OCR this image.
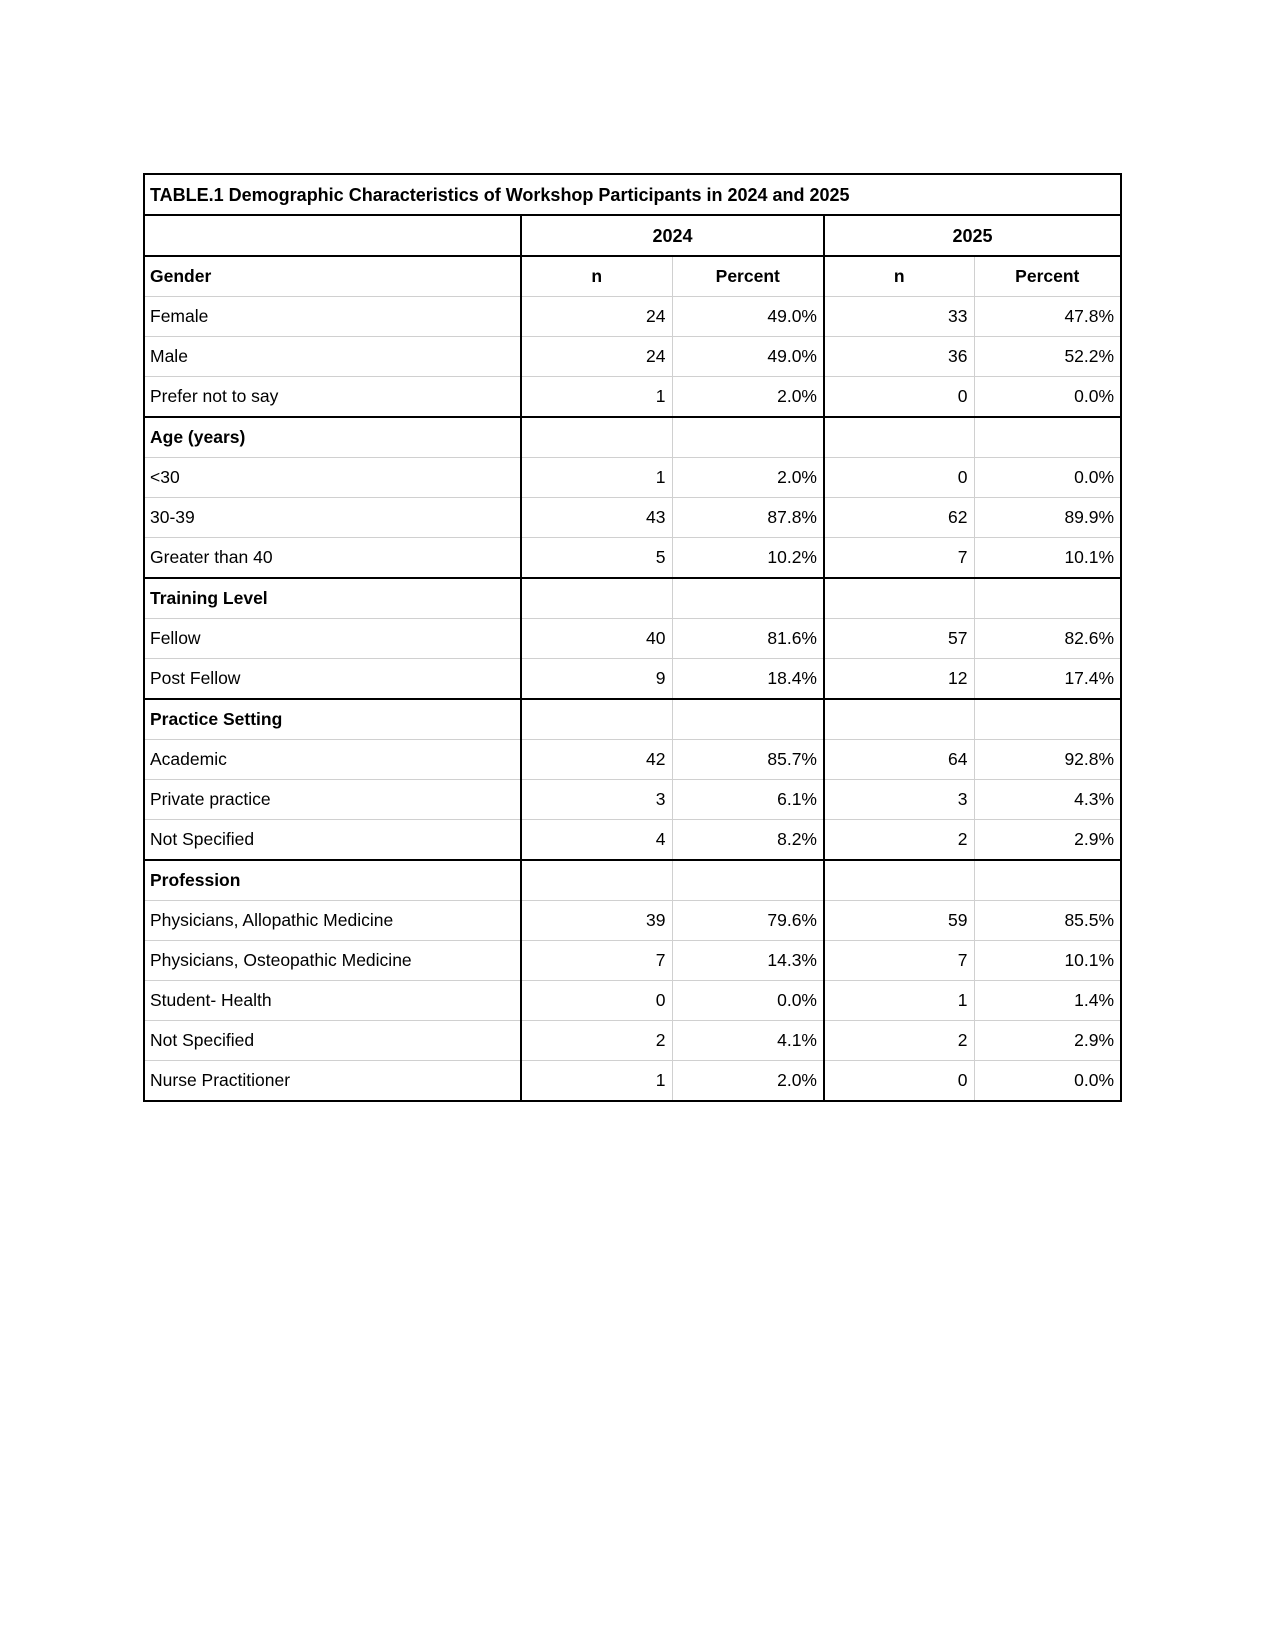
TABLE.1 Demographic Characteristics of Workshop Participants in 2024 and 2025				
	2024		2025	
Gender	n	Percent	n	Percent
Female	24	49.0%	33	47.8%
Male	24	49.0%	36	52.2%
Prefer not to say	1	2.0%	0	0.0%
Age (years)				
<30	1	2.0%	0	0.0%
30-39	43	87.8%	62	89.9%
Greater than 40	5	10.2%	7	10.1%
Training Level				
Fellow	40	81.6%	57	82.6%
Post Fellow	9	18.4%	12	17.4%
Practice Setting				
Academic	42	85.7%	64	92.8%
Private practice	3	6.1%	3	4.3%
Not Specified	4	8.2%	2	2.9%
Profession				
Physicians, Allopathic Medicine	39	79.6%	59	85.5%
Physicians, Osteopathic Medicine	7	14.3%	7	10.1%
Student- Health	0	0.0%	1	1.4%
Not Specified	2	4.1%	2	2.9%
Nurse Practitioner	1	2.0%	0	0.0%
